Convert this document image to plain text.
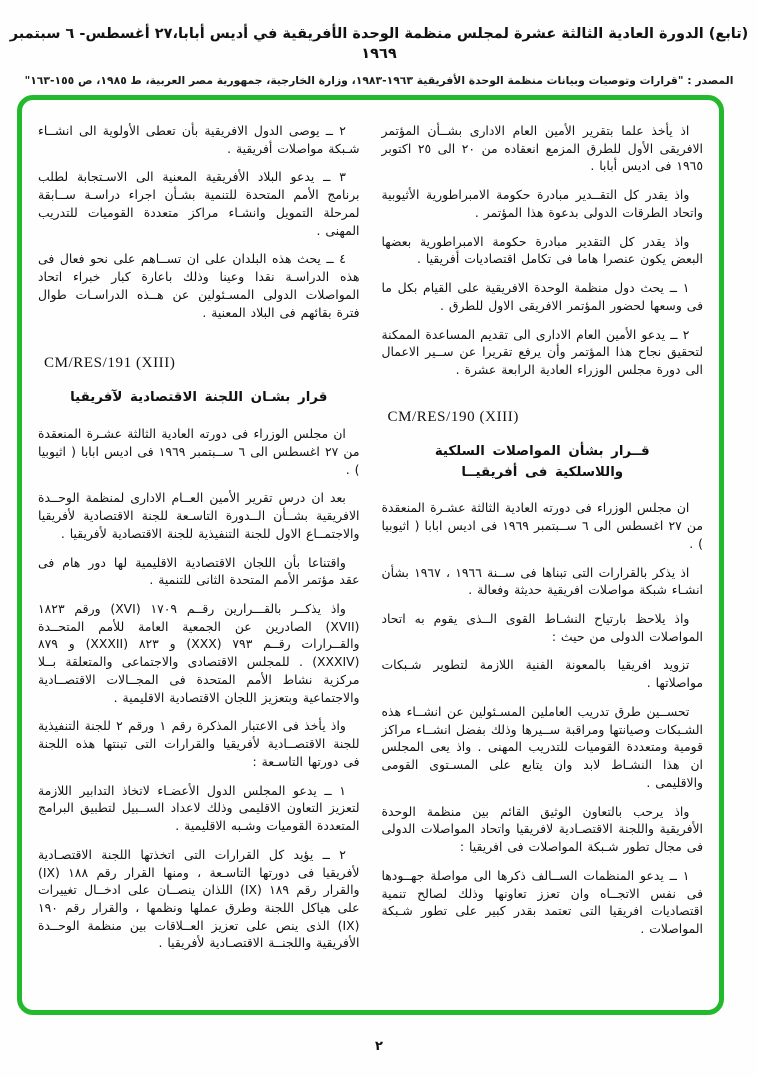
(تابع) الدورة العادية الثالثة عشرة لمجلس منظمة الوحدة الأفريقية في أديس أبابا،٢٧ أغسطس- ٦ سبتمبر ١٩٦٩
المصدر : "قرارات وتوصيات وبيانات منظمة الوحدة الأفريقية ١٩٦٣-١٩٨٣، وزارة الخارجية، جمهورية مصر العربية، ط ١٩٨٥، ص ١٥٥-١٦٣"

اذ يأخذ علما بتقرير الأمين العام الادارى بشــأن المؤتمر الافريقى الأول للطرق المزمع انعقاده من ٢٠ الى ٢٥ اكتوبر ١٩٦٥ فى اديس أبابا .

واذ يقدر كل التقــدير مبادرة حكومة الامبراطورية الأثيوبية واتحاد الطرقات الدولى بدعوة هذا المؤتمر .

واذ يقدر كل التقدير مبادرة حكومة الامبراطورية بعضها البعض يكون عنصرا هاما فى تكامل اقتصاديات أفريقيا .

١ ــ يحث دول منظمة الوحدة الافريقية على القيام بكل ما فى وسعها لحضور المؤتمر الافريقى الاول للطرق .

٢ ــ يدعو الأمين العام الادارى الى تقديم المساعدة الممكنة لتحقيق نجاح هذا المؤتمر وأن يرفع تقريرا عن ســير الاعمال الى دورة مجلس الوزراء العادية الرابعة عشرة .

CM/RES/190 (XIII)
قــرار بشأن المواصلات السلكية
واللاسلكية فى أفريقيــا

ان مجلس الوزراء فى دورته العادية الثالثة عشـرة المنعقدة من ٢٧ اغسطس الى ٦ ســبتمبر ١٩٦٩ فى اديس ابابا ( اثيوبيا ) .

اذ يذكر بالقرارات التى تبناها فى ســنة ١٩٦٦ ، ١٩٦٧ بشأن انشـاء شبكة مواصلات افريقية حديثة وفعالة .

واذ يلاحظ بارتياح النشـاط القوى الــذى يقوم به اتحاد المواصلات الدولى من حيث :

تزويد افريقيا بالمعونة الفنية اللازمة لتطوير شـبكات مواصلاتها .

تحســين طرق تدريب العاملين المسـئولين عن انشــاء هذه الشـبكات وصيانتها ومراقبة ســيرها وذلك بفضل انشــاء مراكز قومية ومتعددة القوميات للتدريب المهنى . واذ يعى المجلس ان هذا النشـاط لابد وان يتابع على المسـتوى القومى والاقليمى .

واذ يرحب بالتعاون الوثيق القائم بين منظمة الوحدة الأفريقية واللجنة الاقتصـادية لافريقيا واتحاد المواصلات الدولى فى مجال تطور شـبكة المواصلات فى افريقيا :

١ ــ يدعو المنظمات الســالف ذكرها الى مواصلة جهــودها فى نفس الاتجــاه وان تعزز تعاونها وذلك لصالح تنمية اقتصاديات افريقيا التى تعتمد بقدر كبير على تطور شـبكة المواصلات .

٢ ــ يوصى الدول الافريقية بأن تعطى الأولوية الى انشــاء شـبكة مواصلات أفريقية .

٣ ــ يدعو البلاد الأفريقية المعنية الى الاسـتجابة لطلب برنامج الأمم المتحدة للتنمية بشـأن اجراء دراسـة ســابقة لمرحلة التمويل وانشـاء مراكز متعددة القوميات للتدريب المهنى .

٤ ــ يحث هذه البلدان على ان تســاهم على نحو فعال فى هذه الدراسـة نقدا وعينا وذلك باعارة كبار خبراء اتحاد المواصلات الدولى المسـئولين عن هــذه الدراسـات طوال فترة بقائهم فى البلاد المعنية .

CM/RES/191 (XIII)
قرار بشـان اللجنة الاقتصادية لآفريقيا

ان مجلس الوزراء فى دورته العادية الثالثة عشـرة المنعقدة من ٢٧ اغسطس الى ٦ ســبتمبر ١٩٦٩ فى اديس ابابا ( اثيوبيا ) .

بعد ان درس تقرير الأمين العــام الادارى لمنظمة الوحــدة الافريقية بشــأن الــدورة التاسـعة للجنة الاقتصادية لأفريقيا والاجتمــاع الاول للجنة التنفيذية للجنة الاقتصادية لأفريقيا .

واقتناعا بأن اللجان الاقتصادية الاقليمية لها دور هام فى عقد مؤتمر الأمم المتحدة الثانى للتنمية .

واذ يذكــر بالقـــرارين رقــم ١٧٠٩ (XVI) ورقم ١٨٢٣ (XVII) الصادرين عن الجمعية العامة للأمم المتحــدة والقــرارات رقــم ٧٩٣ (XXX) و ٨٢٣ (XXXII) و ٨٧٩ (XXXIV) . للمجلس الاقتصادى والاجتماعى والمتعلقة بــلا مركزية نشاط الأمم المتحدة فى المجــالات الاقتصــادية والاجتماعية وبتعزيز اللجان الاقتصادية الاقليمية .

واذ يأخذ فى الاعتبار المذكرة رقم ١ ورقم ٢ للجنة التنفيذية للجنة الاقتصــادية لأفريقيا والقرارات التى تبنتها هذه اللجنة فى دورتها التاسـعة :

١ ــ يدعو المجلس الدول الأعضـاء لاتخاذ التدابير اللازمة لتعزيز التعاون الاقليمى وذلك لاعداد الســبيل لتطبيق البرامج المتعددة القوميات وشـبه الاقليمية .

٢ ــ يؤيد كل القرارات التى اتخذتها اللجنة الاقتصـادية لأفريقيا فى دورتها التاسـعة ، ومنها القرار رقم ١٨٨ (IX) والقرار رقم ١٨٩ (IX) اللذان ينصــان على ادخــال تغييرات على هياكل اللجنة وطرق عملها ونظمها ، والقرار رقم ١٩٠ (IX) الذى ينص على تعزيز العــلاقات بين منظمة الوحــدة الأفريقية واللجنــة الاقتصـادية لأفريقيا .

٢
